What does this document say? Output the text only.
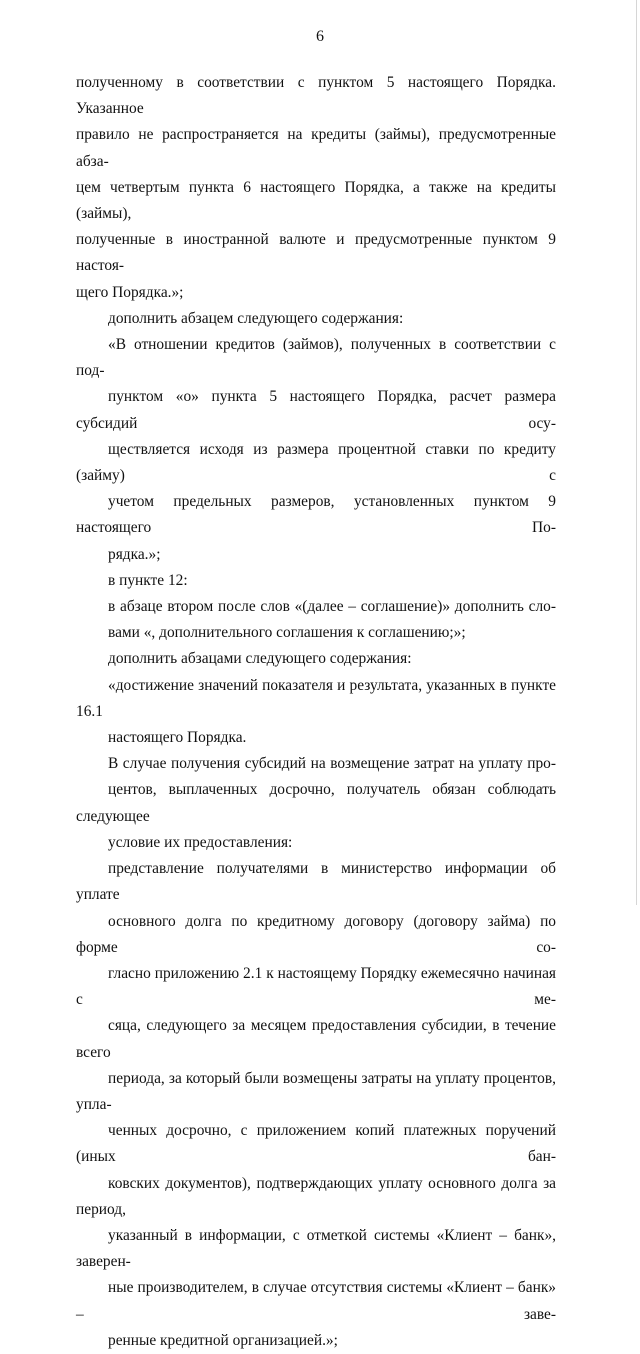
6

полученному в соответствии с пунктом 5 настоящего Порядка. Указанное
правило не распространяется на кредиты (займы), предусмотренные абза-
цем четвертым пункта 6 настоящего Порядка, а также на кредиты (займы),
полученные в иностранной валюте и предусмотренные пунктом 9 настоя-
щего Порядка.»;

дополнить абзацем следующего содержания:

«В отношении кредитов (займов), полученных в соответствии с под-
пунктом «о» пункта 5 настоящего Порядка, расчет размера субсидий осу-
ществляется исходя из размера процентной ставки по кредиту (займу) с
учетом предельных размеров, установленных пунктом 9 настоящего По-
рядка.»;

в пункте 12:

в абзаце втором после слов «(далее – соглашение)» дополнить сло-
вами «, дополнительного соглашения к соглашению;»;

дополнить абзацами следующего содержания:

«достижение значений показателя и результата, указанных в пункте 16.1
настоящего Порядка.

В случае получения субсидий на возмещение затрат на уплату про-
центов, выплаченных досрочно, получатель обязан соблюдать следующее
условие их предоставления:

представление получателями в министерство информации об уплате
основного долга по кредитному договору (договору займа) по форме со-
гласно приложению 2.1 к настоящему Порядку ежемесячно начиная с ме-
сяца, следующего за месяцем предоставления субсидии, в течение всего
периода, за который были возмещены затраты на уплату процентов, упла-
ченных досрочно, с приложением копий платежных поручений (иных бан-
ковских документов), подтверждающих уплату основного долга за период,
указанный в информации, с отметкой системы «Клиент – банк», заверен-
ные производителем, в случае отсутствия системы «Клиент – банк» – заве-
ренные кредитной организацией.»;
